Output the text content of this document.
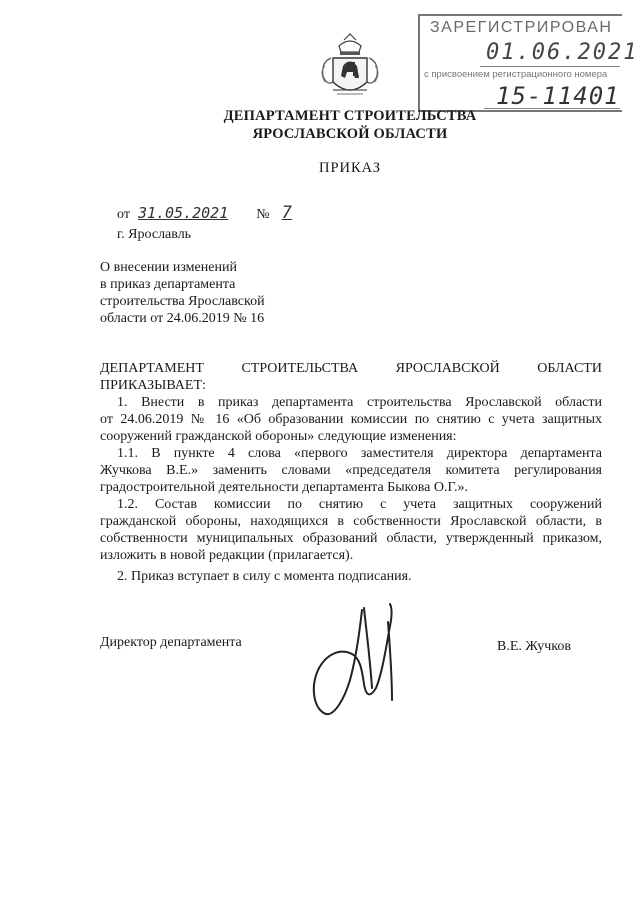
ЗАРЕГИСТРИРОВАН
01.06.2021
с присвоением регистрационного номера
15-11401
ДЕПАРТАМЕНТ СТРОИТЕЛЬСТВА
ЯРОСЛАВСКОЙ ОБЛАСТИ
ПРИКАЗ
от 31.05.2021 № 7
г. Ярославль
О внесении изменений
в приказ департамента
строительства Ярославской
области от 24.06.2019 № 16
ДЕПАРТАМЕНТ	СТРОИТЕЛЬСТВА	ЯРОСЛАВСКОЙ	ОБЛАСТИ
ПРИКАЗЫВАЕТ:
1. Внести в приказ департамента строительства Ярославской области
от 24.06.2019 № 16 «Об образовании комиссии по снятию с учета защитных сооружений гражданской обороны» следующие изменения:
1.1. В пункте 4 слова «первого заместителя директора департамента
Жучкова В.Е.» заменить словами «председателя комитета регулирования градостроительной деятельности департамента Быкова О.Г.».
1.2. Состав комиссии по снятию с учета защитных сооружений
гражданской обороны, находящихся в собственности Ярославской области, в собственности муниципальных образований области, утвержденный приказом, изложить в новой редакции (прилагается).
2. Приказ вступает в силу с момента подписания.
Директор департамента	В.Е. Жучков
